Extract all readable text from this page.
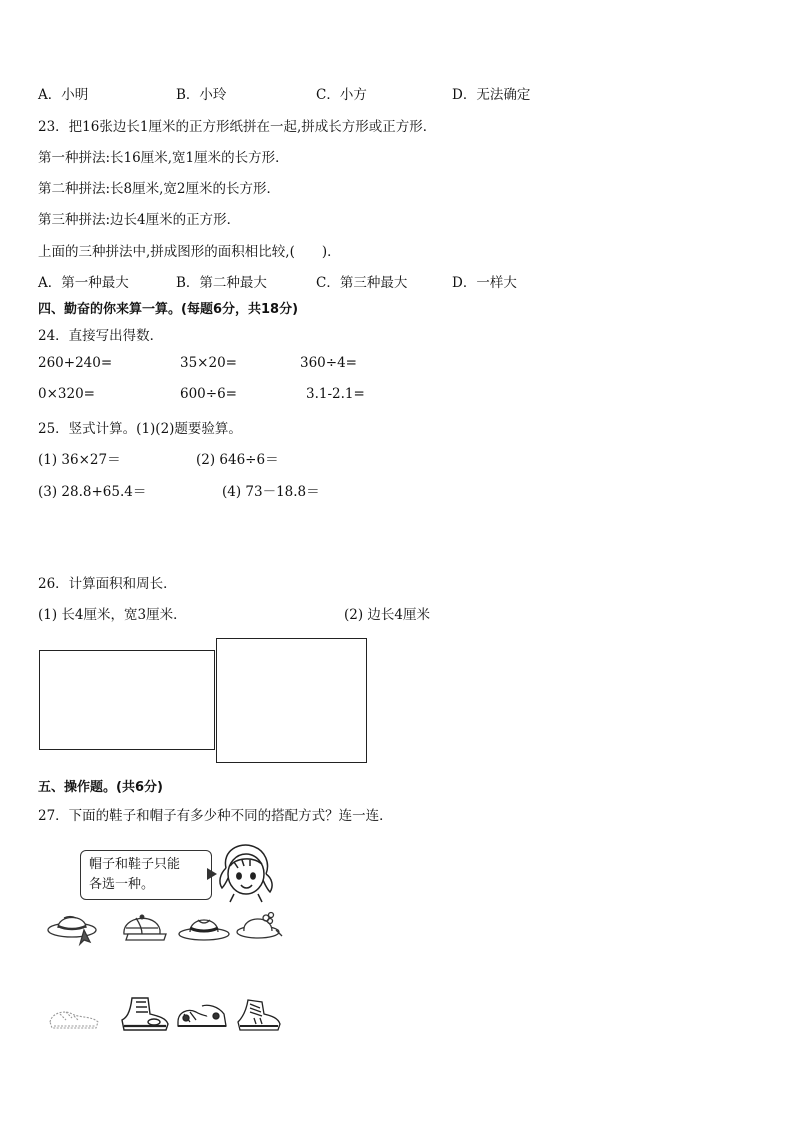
A．小明	B．小玲	C．小方	D．无法确定
23．把16张边长1厘米的正方形纸拼在一起,拼成长方形或正方形．
第一种拼法:长16厘米,宽1厘米的长方形．
第二种拼法:长8厘米,宽2厘米的长方形．
第三种拼法:边长4厘米的正方形．
上面的三种拼法中,拼成图形的面积相比较,(　　)．
A．第一种最大	B．第二种最大	C．第三种最大	D．一样大
四、勤奋的你来算一算。(每题6分，共18分)
24．直接写出得数．
260+240=	35×20=	360÷4=
0×320=	600÷6=	3.1-2.1=
25．竖式计算。(1)(2)题要验算。
(1) 36×27＝	(2) 646÷6＝
(3) 28.8+65.4＝	(4) 73－18.8＝
26．计算面积和周长．
(1) 长4厘米，宽3厘米．	(2) 边长4厘米
五、操作题。(共6分)
27．下面的鞋子和帽子有多少种不同的搭配方式？连一连．
帽子和鞋子只能
各选一种。
